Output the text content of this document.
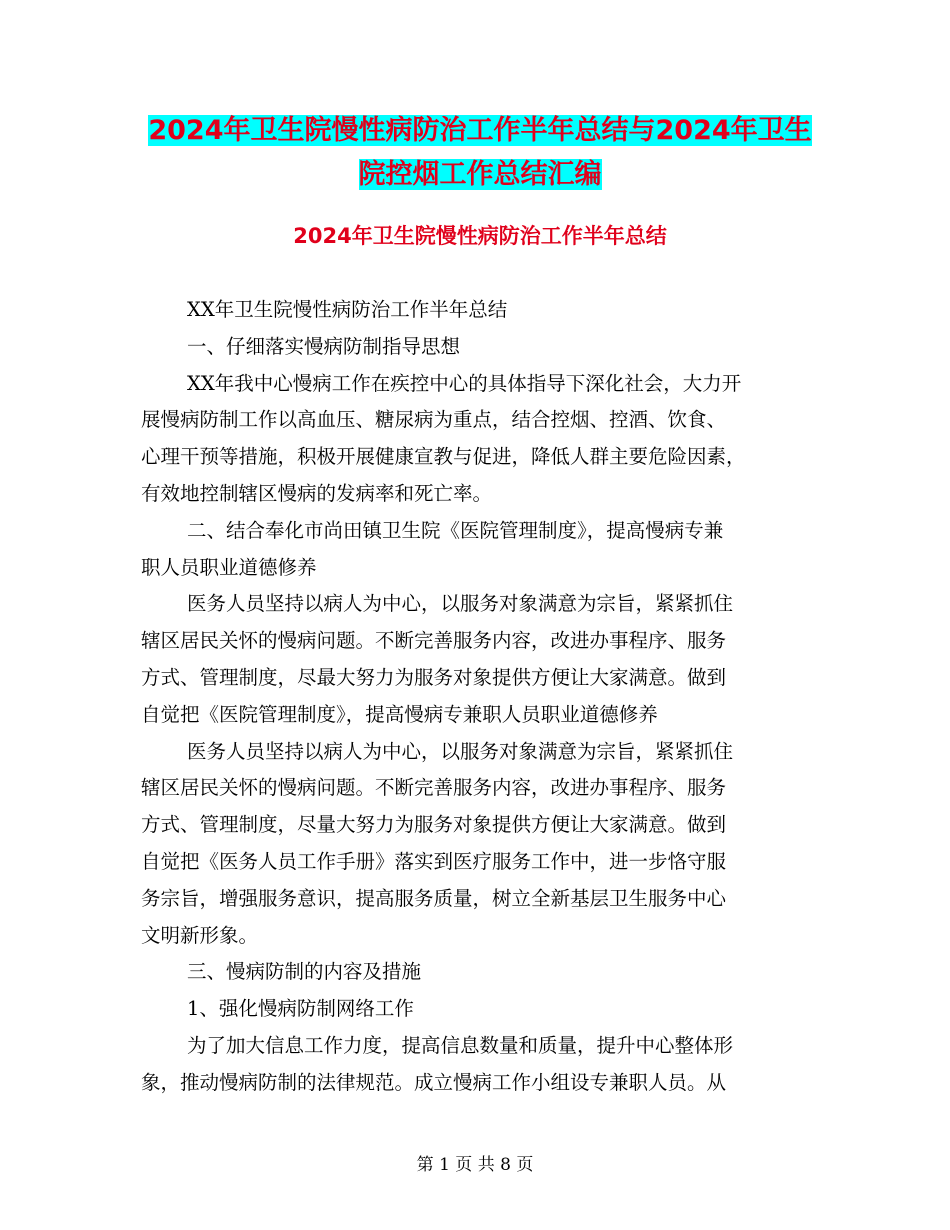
2024年卫生院慢性病防治工作半年总结与2024年卫生
院控烟工作总结汇编
2024年卫生院慢性病防治工作半年总结
XX年卫生院慢性病防治工作半年总结
一、仔细落实慢病防制指导思想
XX年我中心慢病工作在疾控中心的具体指导下深化社会，大力开
展慢病防制工作以高血压、糖尿病为重点，结合控烟、控酒、饮食、
心理干预等措施，积极开展健康宣教与促进，降低人群主要危险因素，
有效地控制辖区慢病的发病率和死亡率。
二、结合奉化市尚田镇卫生院《医院管理制度》，提高慢病专兼
职人员职业道德修养
医务人员坚持以病人为中心，以服务对象满意为宗旨，紧紧抓住
辖区居民关怀的慢病问题。不断完善服务内容，改进办事程序、服务
方式、管理制度，尽最大努力为服务对象提供方便让大家满意。做到
自觉把《医院管理制度》，提高慢病专兼职人员职业道德修养
医务人员坚持以病人为中心，以服务对象满意为宗旨，紧紧抓住
辖区居民关怀的慢病问题。不断完善服务内容，改进办事程序、服务
方式、管理制度，尽量大努力为服务对象提供方便让大家满意。做到
自觉把《医务人员工作手册》落实到医疗服务工作中，进一步恪守服
务宗旨，增强服务意识，提高服务质量，树立全新基层卫生服务中心
文明新形象。
三、慢病防制的内容及措施
1、强化慢病防制网络工作
为了加大信息工作力度，提高信息数量和质量，提升中心整体形
象，推动慢病防制的法律规范。成立慢病工作小组设专兼职人员。从
第 1 页 共 8 页
